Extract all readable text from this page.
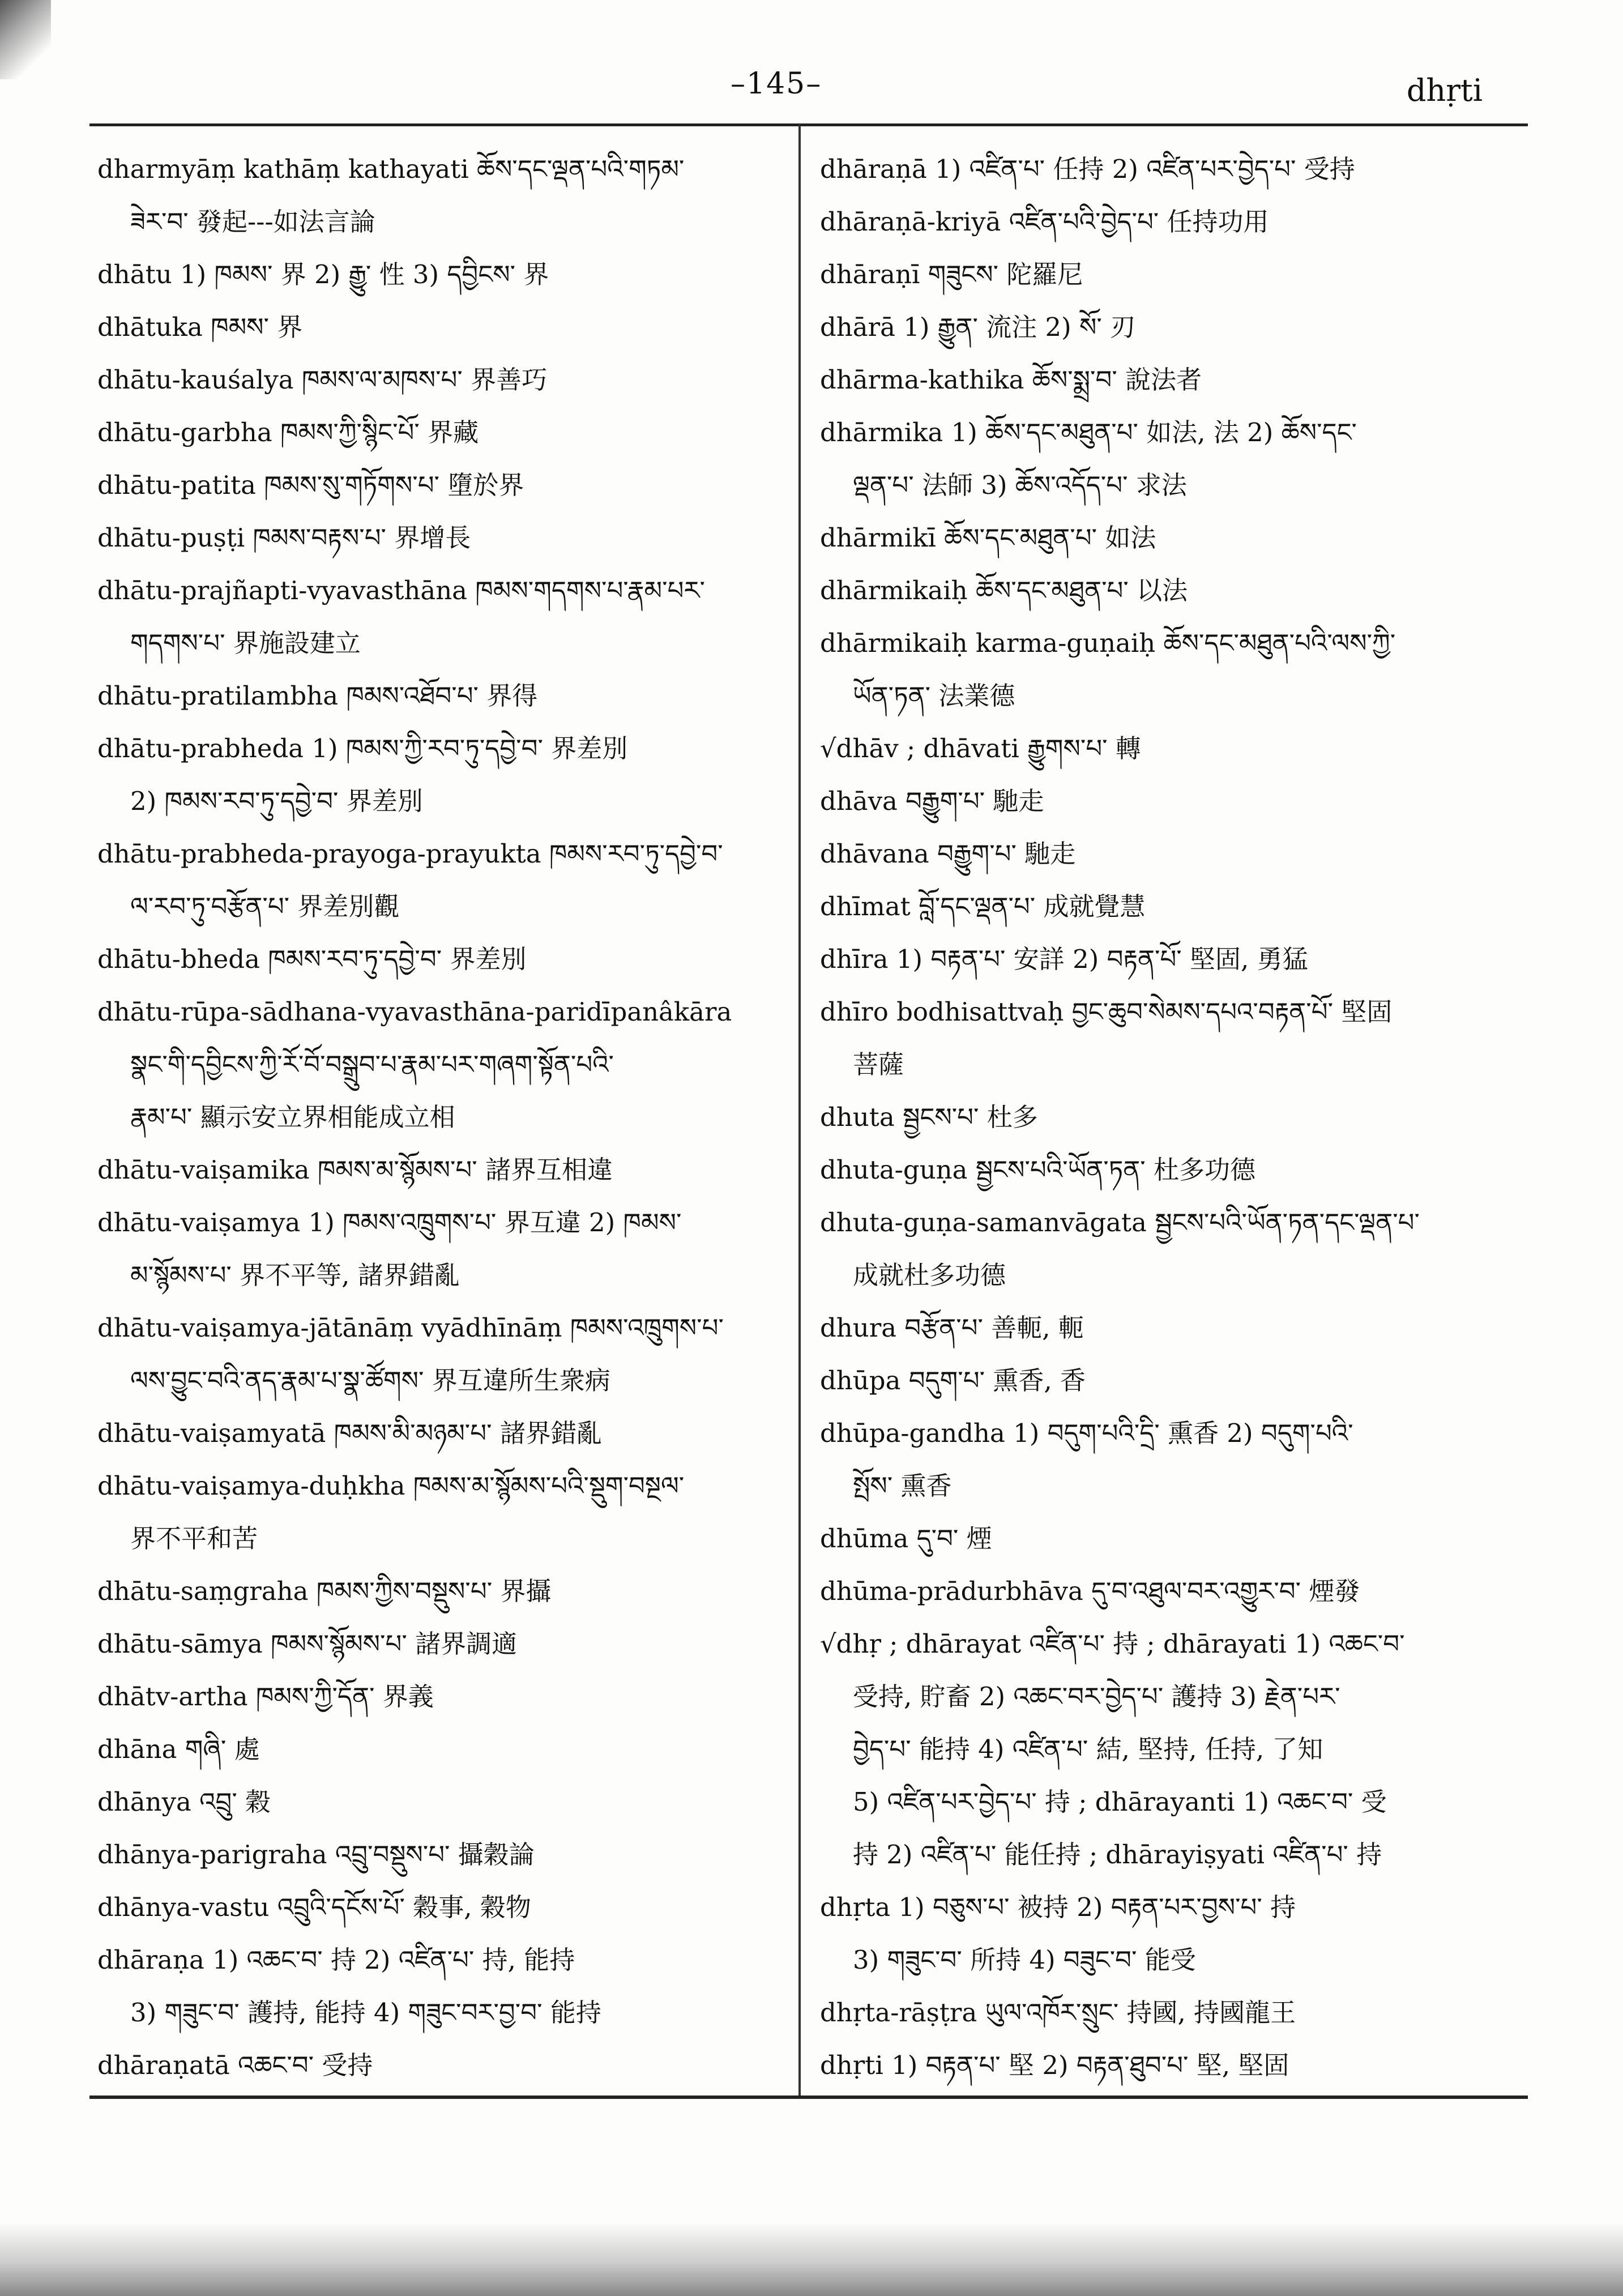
–145–	dhṛti
dharmyāṃ kathāṃ kathayati ཆོས་དང་ལྡན་པའི་གཏམ་
ཟེར་བ་ 發起---如法言論
dhātu 1) ཁམས་ 界 2) རྒྱུ་ 性 3) དབྱིངས་ 界
dhātuka ཁམས་ 界
dhātu-kauśalya ཁམས་ལ་མཁས་པ་ 界善巧
dhātu-garbha ཁམས་ཀྱི་སྙིང་པོ་ 界藏
dhātu-patita ཁམས་སུ་གཏོགས་པ་ 墮於界
dhātu-puṣṭi ཁམས་བརྟས་པ་ 界增長
dhātu-prajñapti-vyavasthāna ཁམས་གདགས་པ་རྣམ་པར་
གདགས་པ་ 界施設建立
dhātu-pratilambha ཁམས་འཐོབ་པ་ 界得
dhātu-prabheda 1) ཁམས་ཀྱི་རབ་ཏུ་དབྱེ་བ་ 界差別
2) ཁམས་རབ་ཏུ་དབྱེ་བ་ 界差別
dhātu-prabheda-prayoga-prayukta ཁམས་རབ་ཏུ་དབྱེ་བ་
ལ་རབ་ཏུ་བརྩོན་པ་ 界差別觀
dhātu-bheda ཁམས་རབ་ཏུ་དབྱེ་བ་ 界差別
dhātu-rūpa-sādhana-vyavasthāna-paridīpanâkāra
སྣང་གི་དབྱིངས་ཀྱི་རོ་བོ་བསྒྲུབ་པ་རྣམ་པར་གཞག་སྟོན་པའི་
རྣམ་པ་ 顯示安立界相能成立相
dhātu-vaiṣamika ཁམས་མ་སྙོམས་པ་ 諸界互相違
dhātu-vaiṣamya 1) ཁམས་འཁྲུགས་པ་ 界互違 2) ཁམས་
མ་སྙོམས་པ་ 界不平等, 諸界錯亂
dhātu-vaiṣamya-jātānāṃ vyādhīnāṃ ཁམས་འཁྲུགས་པ་
ལས་བྱུང་བའི་ནད་རྣམ་པ་སྣ་ཚོགས་ 界互違所生衆病
dhātu-vaiṣamyatā ཁམས་མི་མཉམ་པ་ 諸界錯亂
dhātu-vaiṣamya-duḥkha ཁམས་མ་སྙོམས་པའི་སྡུག་བསྔལ་
界不平和苦
dhātu-saṃgraha ཁམས་ཀྱིས་བསྡུས་པ་ 界攝
dhātu-sāmya ཁམས་སྙོམས་པ་ 諸界調適
dhātv-artha ཁམས་ཀྱི་དོན་ 界義
dhāna གཞི་ 處
dhānya འབྲུ་ 穀
dhānya-parigraha འབྲུ་བསྡུས་པ་ 攝穀論
dhānya-vastu འབྲུའི་དངོས་པོ་ 穀事, 穀物
dhāraṇa 1) འཆང་བ་ 持 2) འཛིན་པ་ 持, 能持
3) གཟུང་བ་ 護持, 能持 4) གཟུང་བར་བྱ་བ་ 能持
dhāraṇatā འཆང་བ་ 受持
dhāraṇā 1) འཛིན་པ་ 任持 2) འཛིན་པར་བྱེད་པ་ 受持
dhāraṇā-kriyā འཛིན་པའི་བྱེད་པ་ 任持功用
dhāraṇī གཟུངས་ 陀羅尼
dhārā 1) རྒྱུན་ 流注 2) སོ་ 刃
dhārma-kathika ཆོས་སྨྲ་བ་ 說法者
dhārmika 1) ཆོས་དང་མཐུན་པ་ 如法, 法 2) ཆོས་དང་
ལྡན་པ་ 法師 3) ཆོས་འདོད་པ་ 求法
dhārmikī ཆོས་དང་མཐུན་པ་ 如法
dhārmikaiḥ ཆོས་དང་མཐུན་པ་ 以法
dhārmikaiḥ karma-guṇaiḥ ཆོས་དང་མཐུན་པའི་ལས་ཀྱི་
ཡོན་ཏན་ 法業德
√dhāv ; dhāvati རྒྱུགས་པ་ 轉
dhāva བརྒྱུག་པ་ 馳走
dhāvana བརྒྱུག་པ་ 馳走
dhīmat བློ་དང་ལྡན་པ་ 成就覺慧
dhīra 1) བརྟན་པ་ 安詳 2) བརྟན་པོ་ 堅固, 勇猛
dhīro bodhisattvaḥ བྱང་ཆུབ་སེམས་དཔའ་བརྟན་པོ་ 堅固
菩薩
dhuta སྦྱངས་པ་ 杜多
dhuta-guṇa སྦྱངས་པའི་ཡོན་ཏན་ 杜多功德
dhuta-guṇa-samanvāgata སྦྱངས་པའི་ཡོན་ཏན་དང་ལྡན་པ་
成就杜多功德
dhura བརྩོན་པ་ 善軛, 軛
dhūpa བདུག་པ་ 熏香, 香
dhūpa-gandha 1) བདུག་པའི་དྲི་ 熏香 2) བདུག་པའི་
སྤོས་ 熏香
dhūma དུ་བ་ 煙
dhūma-prādurbhāva དུ་བ་འཐུལ་བར་འགྱུར་བ་ 煙發
√dhṛ ; dhārayat འཛིན་པ་ 持 ; dhārayati 1) འཆང་བ་
受持, 貯畜 2) འཆང་བར་བྱེད་པ་ 護持 3) རྗེན་པར་
བྱེད་པ་ 能持 4) འཛིན་པ་ 結, 堅持, 任持, 了知
5) འཛིན་པར་བྱེད་པ་ 持 ; dhārayanti 1) འཆང་བ་ 受
持 2) འཛིན་པ་ 能任持 ; dhārayiṣyati འཛིན་པ་ 持
dhṛta 1) བཅུས་པ་ 被持 2) བརྟན་པར་བྱས་པ་ 持
3) གཟུང་བ་ 所持 4) བཟུང་བ་ 能受
dhṛta-rāṣṭra ཡུལ་འཁོར་སྲུང་ 持國, 持國龍王
dhṛti 1) བརྟན་པ་ 堅 2) བརྟན་ཐུབ་པ་ 堅, 堅固
